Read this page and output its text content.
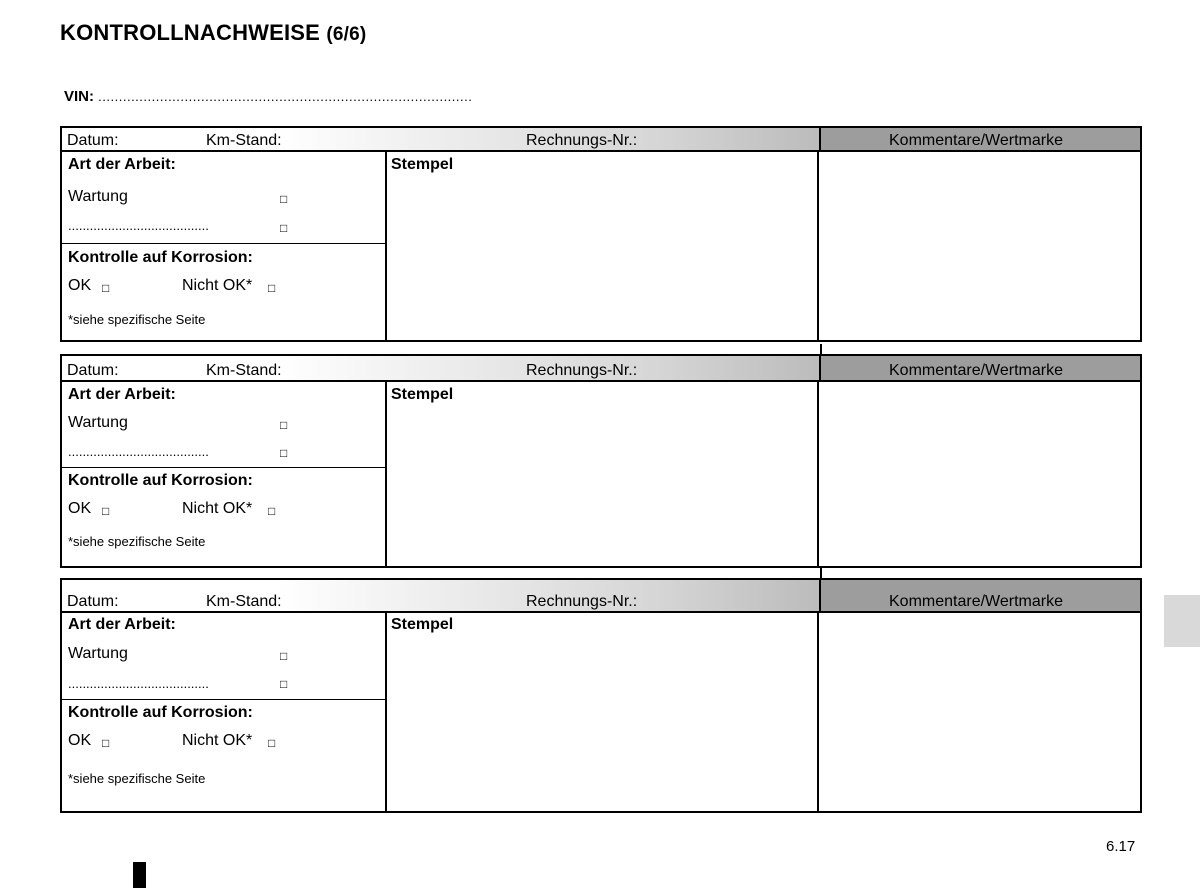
KONTROLLNACHWEISE (6/6)
VIN: ...........................................................................................
Datum:	Km-Stand:	Rechnungs-Nr.:	Kommentare/Wertmarke
Art der Arbeit:
Wartung	□
.......................................	□
Kontrolle auf Korrosion:
OK □	Nicht OK* □
*siehe spezifische Seite
Stempel
Datum:	Km-Stand:	Rechnungs-Nr.:	Kommentare/Wertmarke
Art der Arbeit:
Wartung	□
.......................................	□
Kontrolle auf Korrosion:
OK □	Nicht OK* □
*siehe spezifische Seite
Stempel
Datum:	Km-Stand:	Rechnungs-Nr.:	Kommentare/Wertmarke
Art der Arbeit:
Wartung	□
.......................................	□
Kontrolle auf Korrosion:
OK □	Nicht OK* □
*siehe spezifische Seite
Stempel
6.17
